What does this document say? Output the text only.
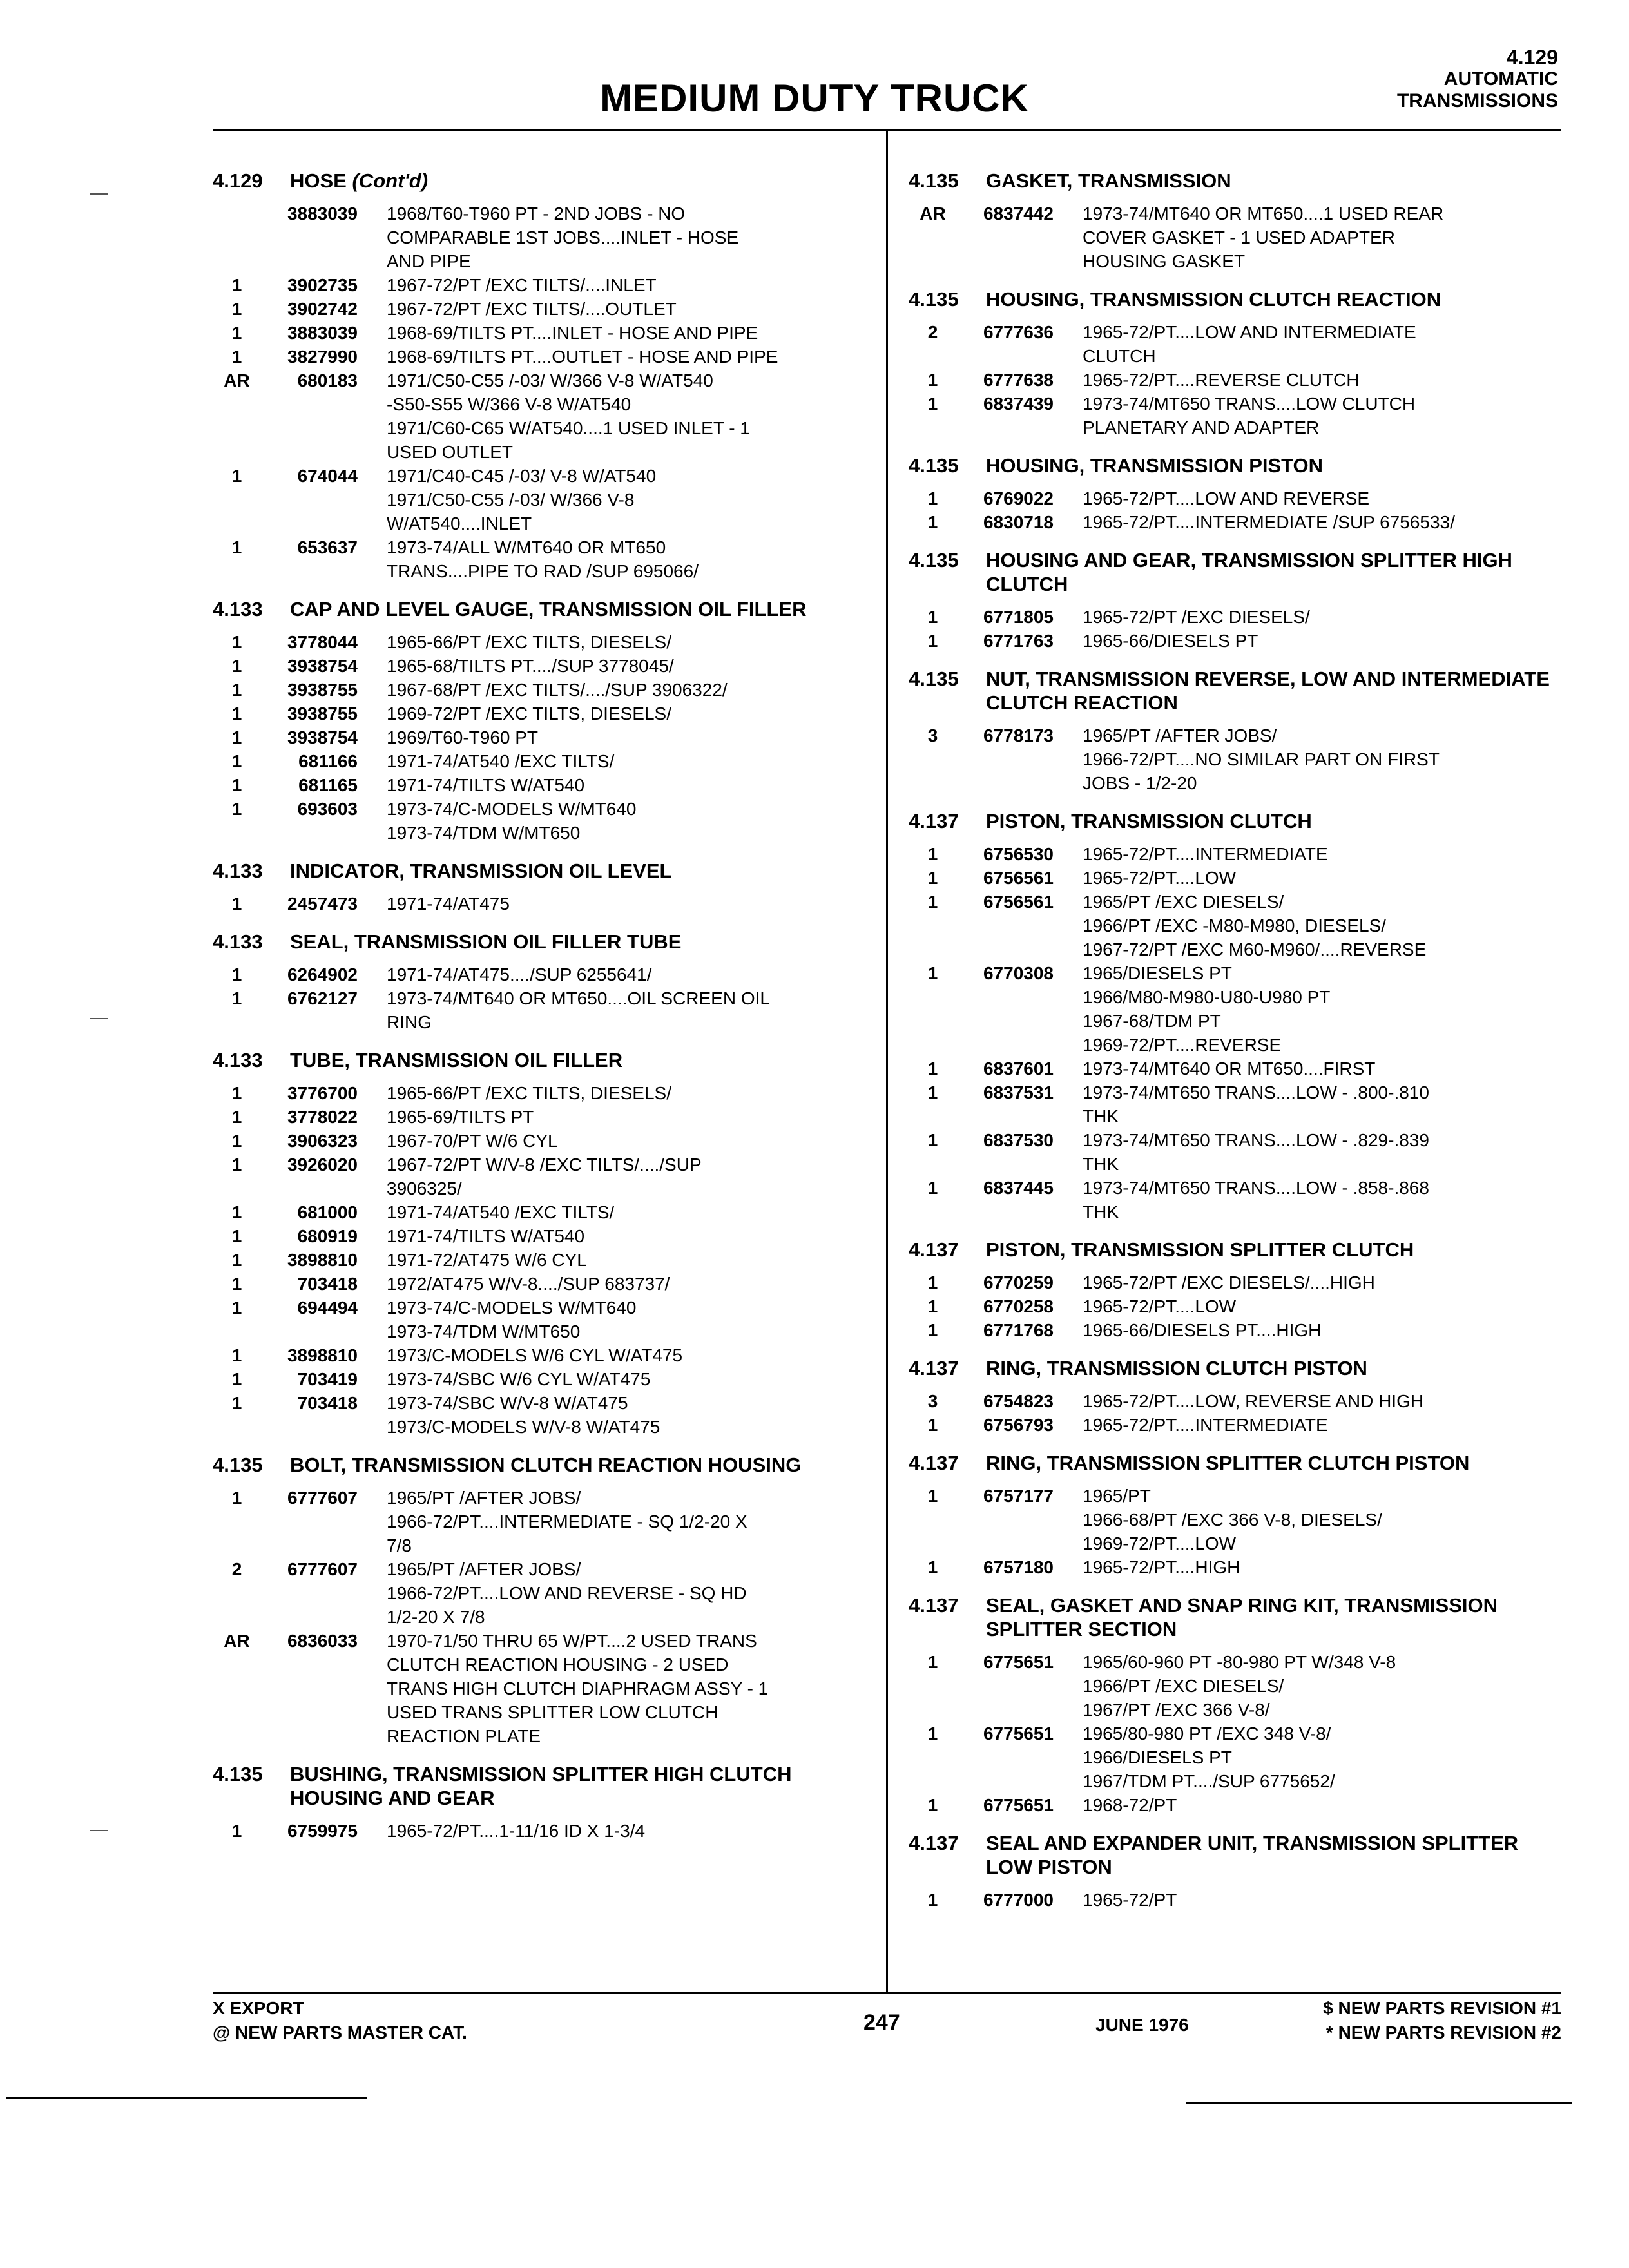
MEDIUM DUTY TRUCK
4.129
AUTOMATIC
TRANSMISSIONS
4.129	HOSE (Cont'd)
3883039 1968/T60-T960 PT - 2ND JOBS - NO
COMPARABLE 1ST JOBS....INLET - HOSE
AND PIPE
1	3902735 1967-72/PT /EXC TILTS/....INLET
1	3902742 1967-72/PT /EXC TILTS/....OUTLET
1	3883039 1968-69/TILTS PT....INLET - HOSE AND PIPE
1	3827990 1968-69/TILTS PT....OUTLET - HOSE AND PIPE
AR	680183 1971/C50-C55 /-03/ W/366 V-8 W/AT540
-S50-S55 W/366 V-8 W/AT540
1971/C60-C65 W/AT540....1 USED INLET - 1
USED OUTLET
1	674044 1971/C40-C45 /-03/ V-8 W/AT540
1971/C50-C55 /-03/ W/366 V-8
W/AT540....INLET
1	653637 1973-74/ALL W/MT640 OR MT650
TRANS....PIPE TO RAD /SUP 695066/
4.133	CAP AND LEVEL GAUGE, TRANSMISSION OIL FILLER
1	3778044 1965-66/PT /EXC TILTS, DIESELS/
1	3938754 1965-68/TILTS PT..../SUP 3778045/
1	3938755 1967-68/PT /EXC TILTS/..../SUP 3906322/
1	3938755 1969-72/PT /EXC TILTS, DIESELS/
1	3938754 1969/T60-T960 PT
1	681166 1971-74/AT540 /EXC TILTS/
1	681165 1971-74/TILTS W/AT540
1	693603 1973-74/C-MODELS W/MT640
1973-74/TDM W/MT650
4.133	INDICATOR, TRANSMISSION OIL LEVEL
1	2457473 1971-74/AT475
4.133	SEAL, TRANSMISSION OIL FILLER TUBE
1	6264902 1971-74/AT475..../SUP 6255641/
1	6762127 1973-74/MT640 OR MT650....OIL SCREEN OIL
RING
4.133	TUBE, TRANSMISSION OIL FILLER
1	3776700 1965-66/PT /EXC TILTS, DIESELS/
1	3778022 1965-69/TILTS PT
1	3906323 1967-70/PT W/6 CYL
1	3926020 1967-72/PT W/V-8 /EXC TILTS/..../SUP
3906325/
1	681000 1971-74/AT540 /EXC TILTS/
1	680919 1971-74/TILTS W/AT540
1	3898810 1971-72/AT475 W/6 CYL
1	703418 1972/AT475 W/V-8..../SUP 683737/
1	694494 1973-74/C-MODELS W/MT640
1973-74/TDM W/MT650
1	3898810 1973/C-MODELS W/6 CYL W/AT475
1	703419 1973-74/SBC W/6 CYL W/AT475
1	703418 1973-74/SBC W/V-8 W/AT475
1973/C-MODELS W/V-8 W/AT475
4.135	BOLT, TRANSMISSION CLUTCH REACTION HOUSING
1	6777607 1965/PT /AFTER JOBS/
1966-72/PT....INTERMEDIATE - SQ 1/2-20 X
7/8
2	6777607 1965/PT /AFTER JOBS/
1966-72/PT....LOW AND REVERSE - SQ HD
1/2-20 X 7/8
AR	6836033 1970-71/50 THRU 65 W/PT....2 USED TRANS
CLUTCH REACTION HOUSING - 2 USED
TRANS HIGH CLUTCH DIAPHRAGM ASSY - 1
USED TRANS SPLITTER LOW CLUTCH
REACTION PLATE
4.135	BUSHING, TRANSMISSION SPLITTER HIGH CLUTCH HOUSING AND GEAR
1	6759975 1965-72/PT....1-11/16 ID X 1-3/4
4.135	GASKET, TRANSMISSION
AR	6837442 1973-74/MT640 OR MT650....1 USED REAR
COVER GASKET - 1 USED ADAPTER
HOUSING GASKET
4.135	HOUSING, TRANSMISSION CLUTCH REACTION
2	6777636 1965-72/PT....LOW AND INTERMEDIATE
CLUTCH
1	6777638 1965-72/PT....REVERSE CLUTCH
1	6837439 1973-74/MT650 TRANS....LOW CLUTCH
PLANETARY AND ADAPTER
4.135	HOUSING, TRANSMISSION PISTON
1	6769022 1965-72/PT....LOW AND REVERSE
1	6830718 1965-72/PT....INTERMEDIATE /SUP 6756533/
4.135	HOUSING AND GEAR, TRANSMISSION SPLITTER HIGH CLUTCH
1	6771805 1965-72/PT /EXC DIESELS/
1	6771763 1965-66/DIESELS PT
4.135	NUT, TRANSMISSION REVERSE, LOW AND INTERMEDIATE CLUTCH REACTION
3	6778173 1965/PT /AFTER JOBS/
1966-72/PT....NO SIMILAR PART ON FIRST
JOBS - 1/2-20
4.137	PISTON, TRANSMISSION CLUTCH
1	6756530 1965-72/PT....INTERMEDIATE
1	6756561 1965-72/PT....LOW
1	6756561 1965/PT /EXC DIESELS/
1966/PT /EXC -M80-M980, DIESELS/
1967-72/PT /EXC M60-M960/....REVERSE
1	6770308 1965/DIESELS PT
1966/M80-M980-U80-U980 PT
1967-68/TDM PT
1969-72/PT....REVERSE
1	6837601 1973-74/MT640 OR MT650....FIRST
1	6837531 1973-74/MT650 TRANS....LOW - .800-.810
THK
1	6837530 1973-74/MT650 TRANS....LOW - .829-.839
THK
1	6837445 1973-74/MT650 TRANS....LOW - .858-.868
THK
4.137	PISTON, TRANSMISSION SPLITTER CLUTCH
1	6770259 1965-72/PT /EXC DIESELS/....HIGH
1	6770258 1965-72/PT....LOW
1	6771768 1965-66/DIESELS PT....HIGH
4.137	RING, TRANSMISSION CLUTCH PISTON
3	6754823 1965-72/PT....LOW, REVERSE AND HIGH
1	6756793 1965-72/PT....INTERMEDIATE
4.137	RING, TRANSMISSION SPLITTER CLUTCH PISTON
1	6757177 1965/PT
1966-68/PT /EXC 366 V-8, DIESELS/
1969-72/PT....LOW
1	6757180 1965-72/PT....HIGH
4.137	SEAL, GASKET AND SNAP RING KIT, TRANSMISSION SPLITTER SECTION
1	6775651 1965/60-960 PT -80-980 PT W/348 V-8
1966/PT /EXC DIESELS/
1967/PT /EXC 366 V-8/
1	6775651 1965/80-980 PT /EXC 348 V-8/
1966/DIESELS PT
1967/TDM PT..../SUP 6775652/
1	6775651 1968-72/PT
4.137	SEAL AND EXPANDER UNIT, TRANSMISSION SPLITTER LOW PISTON
1	6777000 1965-72/PT
X EXPORT
@ NEW PARTS MASTER CAT.	247	JUNE 1976
$ NEW PARTS REVISION #1
* NEW PARTS REVISION #2
